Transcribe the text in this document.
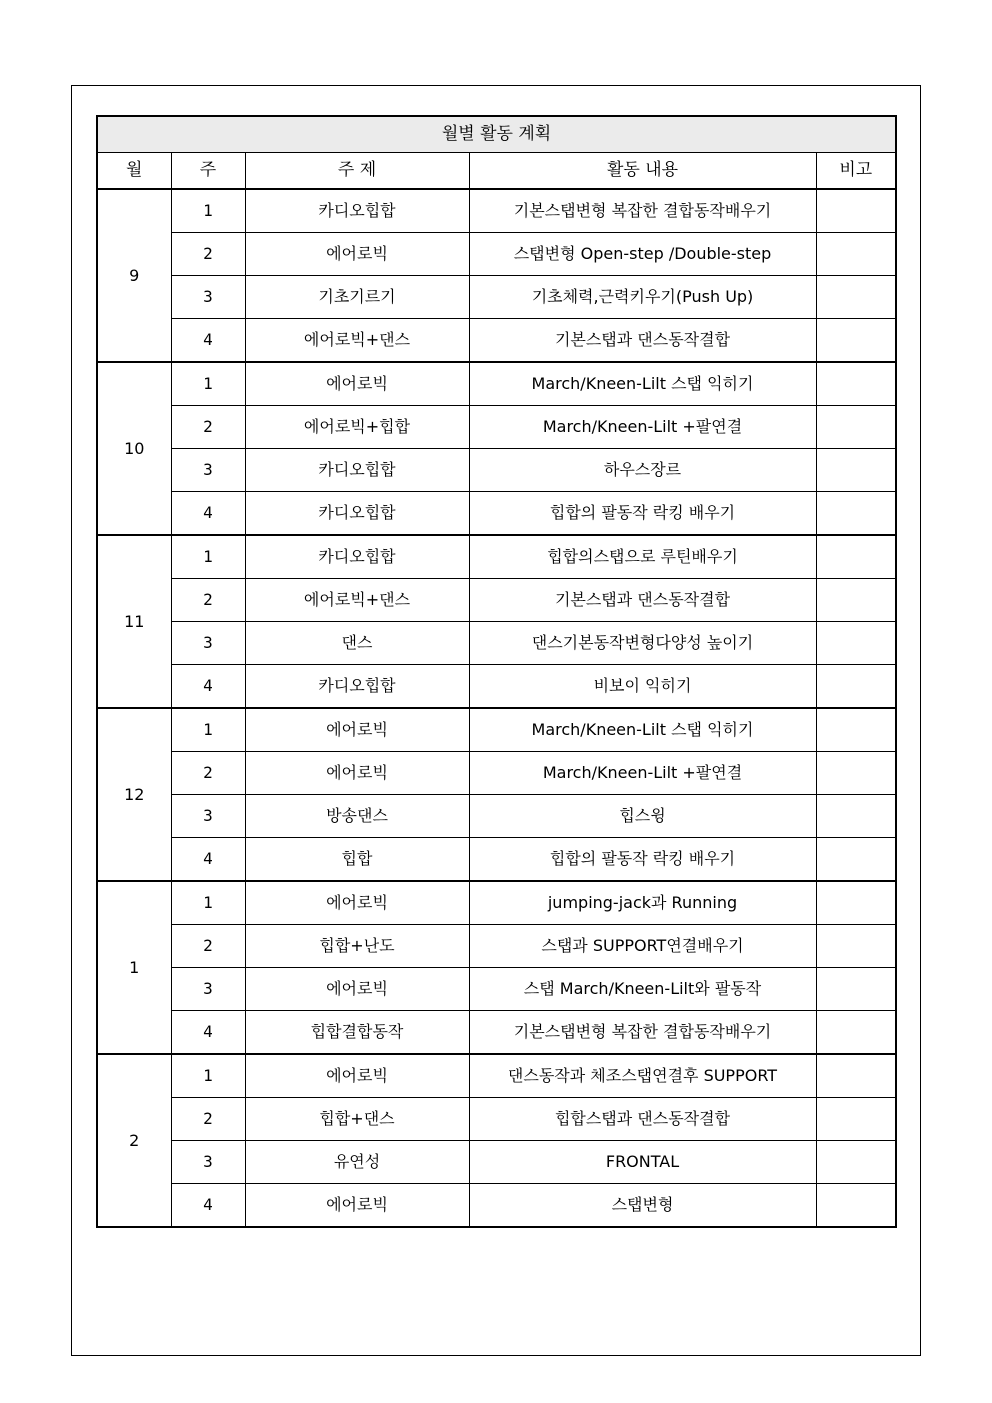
월별 활동 계획				
월	주	주 제	활동 내용	비고
9	1	카디오힙합	기본스탭변형 복잡한 결합동작배우기	
	2	에어로빅	스탭변형 Open-step /Double-step	
	3	기초기르기	기초체력,근력키우기(Push Up)	
	4	에어로빅+댄스	기본스탭과 댄스동작결합	
10	1	에어로빅	March/Kneen-Lilt 스탭 익히기	
	2	에어로빅+힙합	March/Kneen-Lilt +팔연결	
	3	카디오힙합	하우스장르	
	4	카디오힙합	힙합의 팔동작 락킹 배우기	
11	1	카디오힙합	힙합의스탭으로 루틴배우기	
	2	에어로빅+댄스	기본스탭과 댄스동작결합	
	3	댄스	댄스기본동작변형다양성 높이기	
	4	카디오힙합	비보이 익히기	
12	1	에어로빅	March/Kneen-Lilt 스탭 익히기	
	2	에어로빅	March/Kneen-Lilt +팔연결	
	3	방송댄스	힙스윙	
	4	힙합	힙합의 팔동작 락킹 배우기	
1	1	에어로빅	jumping-jack과 Running	
	2	힙합+난도	스탭과 SUPPORT연결배우기	
	3	에어로빅	스탭 March/Kneen-Lilt와 팔동작	
	4	힙합결합동작	기본스탭변형 복잡한 결합동작배우기	
2	1	에어로빅	댄스동작과 체조스탭연결후 SUPPORT	
	2	힙합+댄스	힙합스탭과 댄스동작결합	
	3	유연성	FRONTAL	
	4	에어로빅	스탭변형	
